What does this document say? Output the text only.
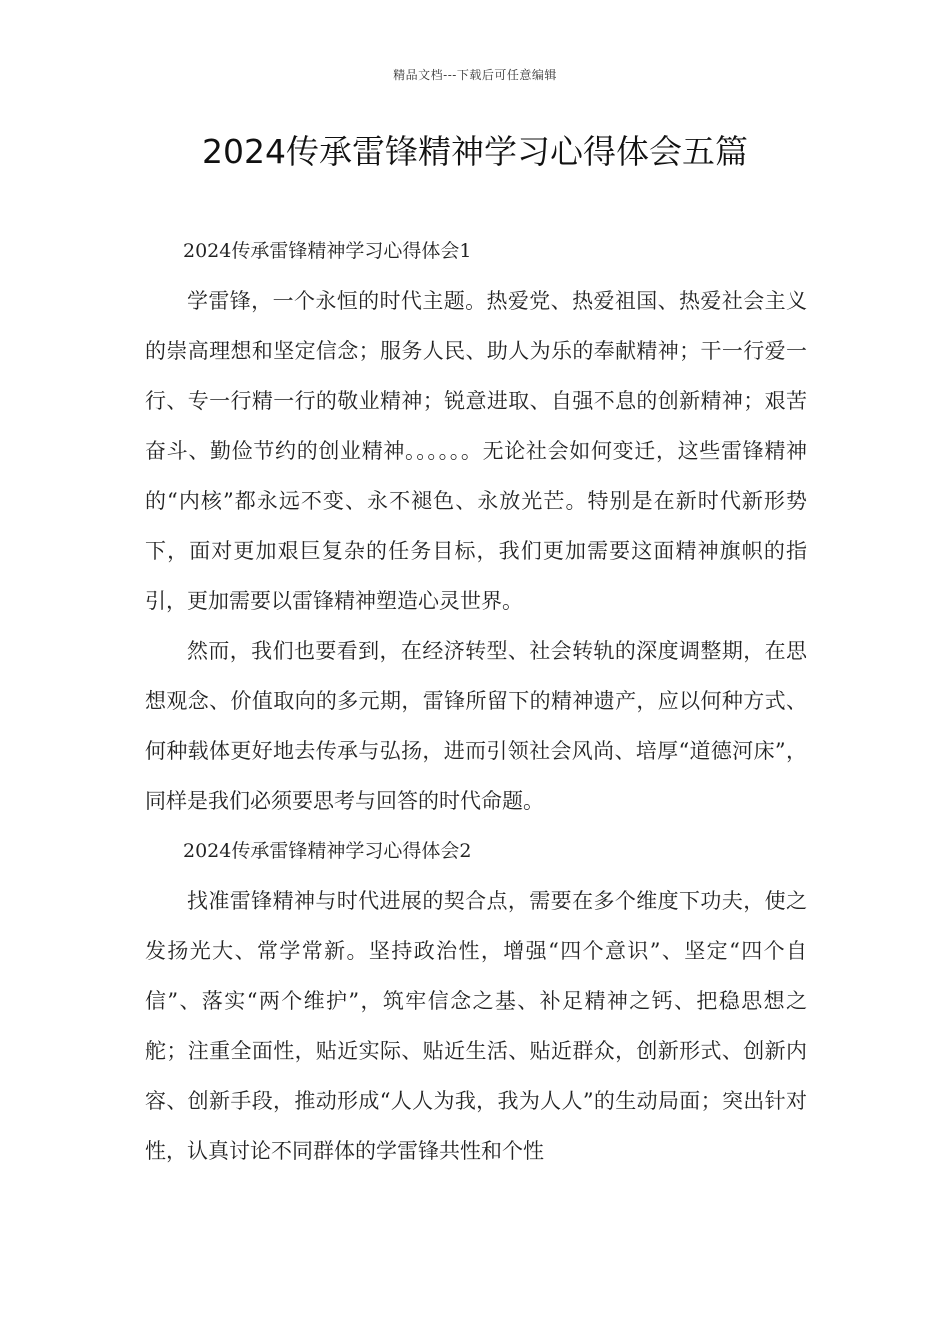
精品文档---下载后可任意编辑
2024传承雷锋精神学习心得体会五篇

2024传承雷锋精神学习心得体会1

学雷锋，一个永恒的时代主题。热爱党、热爱祖国、热爱社会主义的崇高理想和坚定信念；服务人民、助人为乐的奉献精神；干一行爱一行、专一行精一行的敬业精神；锐意进取、自强不息的创新精神；艰苦奋斗、勤俭节约的创业精神。。。。。。无论社会如何变迁，这些雷锋精神的“内核”都永远不变、永不褪色、永放光芒。特别是在新时代新形势下，面对更加艰巨复杂的任务目标，我们更加需要这面精神旗帜的指引，更加需要以雷锋精神塑造心灵世界。

然而，我们也要看到，在经济转型、社会转轨的深度调整期，在思想观念、价值取向的多元期，雷锋所留下的精神遗产，应以何种方式、何种载体更好地去传承与弘扬，进而引领社会风尚、培厚“道德河床”，同样是我们必须要思考与回答的时代命题。

2024传承雷锋精神学习心得体会2

找准雷锋精神与时代进展的契合点，需要在多个维度下功夫，使之发扬光大、常学常新。坚持政治性，增强“四个意识”、坚定“四个自信”、落实“两个维护”，筑牢信念之基、补足精神之钙、把稳思想之舵；注重全面性，贴近实际、贴近生活、贴近群众，创新形式、创新内容、创新手段，推动形成“人人为我，我为人人”的生动局面；突出针对性，认真讨论不同群体的学雷锋共性和个性
